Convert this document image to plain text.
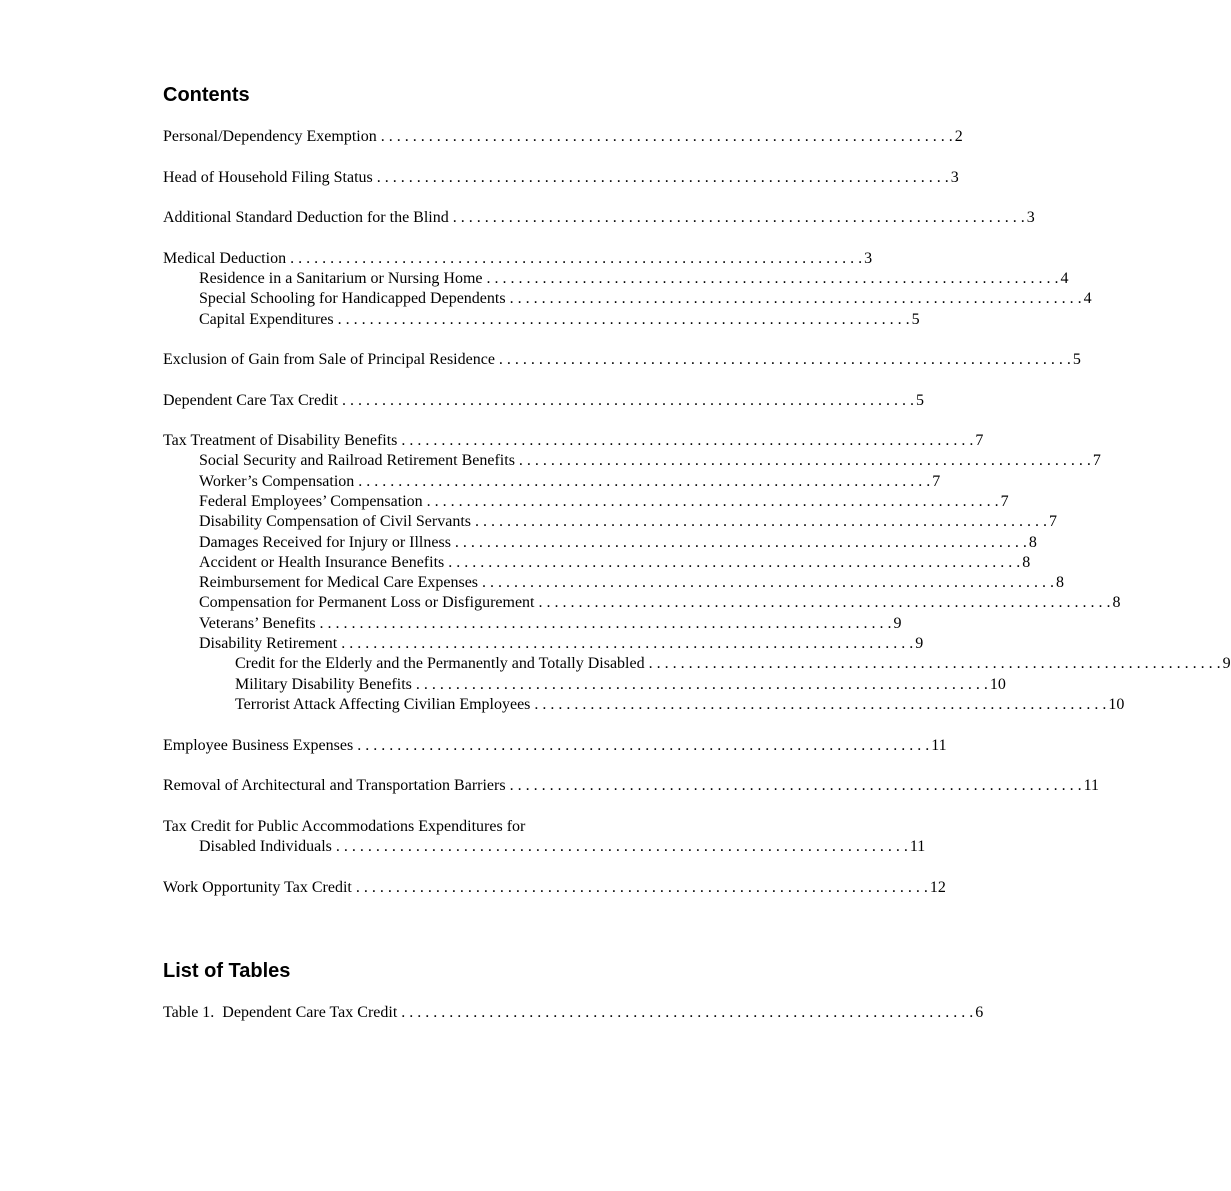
Contents
Personal/Dependency Exemption . . . . . . . . . . . . . . . . . . . . . . . . . . . . . . . . . . . . . . . . . . . . . . . . . . . . . . . . . . . . . . . . . . . . . . . . 2
Head of Household Filing Status . . . . . . . . . . . . . . . . . . . . . . . . . . . . . . . . . . . . . . . . . . . . . . . . . . . . . . . . . . . . . . . . . . . . . . . . 3
Additional Standard Deduction for the Blind . . . . . . . . . . . . . . . . . . . . . . . . . . . . . . . . . . . . . . . . . . . . . . . . . . . . . . . . . . . . . . . . . . . . . . . . 3
Medical Deduction . . . . . . . . . . . . . . . . . . . . . . . . . . . . . . . . . . . . . . . . . . . . . . . . . . . . . . . . . . . . . . . . . . . . . . . . 3
Residence in a Sanitarium or Nursing Home . . . . . . . . . . . . . . . . . . . . . . . . . . . . . . . . . . . . . . . . . . . . . . . . . . . . . . . . . . . . . . . . . . . . . . . . 4
Special Schooling for Handicapped Dependents . . . . . . . . . . . . . . . . . . . . . . . . . . . . . . . . . . . . . . . . . . . . . . . . . . . . . . . . . . . . . . . . . . . . . . . . 4
Capital Expenditures . . . . . . . . . . . . . . . . . . . . . . . . . . . . . . . . . . . . . . . . . . . . . . . . . . . . . . . . . . . . . . . . . . . . . . . . 5
Exclusion of Gain from Sale of Principal Residence . . . . . . . . . . . . . . . . . . . . . . . . . . . . . . . . . . . . . . . . . . . . . . . . . . . . . . . . . . . . . . . . . . . . . . . . 5
Dependent Care Tax Credit . . . . . . . . . . . . . . . . . . . . . . . . . . . . . . . . . . . . . . . . . . . . . . . . . . . . . . . . . . . . . . . . . . . . . . . . 5
Tax Treatment of Disability Benefits . . . . . . . . . . . . . . . . . . . . . . . . . . . . . . . . . . . . . . . . . . . . . . . . . . . . . . . . . . . . . . . . . . . . . . . . 7
Social Security and Railroad Retirement Benefits . . . . . . . . . . . . . . . . . . . . . . . . . . . . . . . . . . . . . . . . . . . . . . . . . . . . . . . . . . . . . . . . . . . . . . . . 7
Worker’s Compensation . . . . . . . . . . . . . . . . . . . . . . . . . . . . . . . . . . . . . . . . . . . . . . . . . . . . . . . . . . . . . . . . . . . . . . . . 7
Federal Employees’ Compensation . . . . . . . . . . . . . . . . . . . . . . . . . . . . . . . . . . . . . . . . . . . . . . . . . . . . . . . . . . . . . . . . . . . . . . . . 7
Disability Compensation of Civil Servants . . . . . . . . . . . . . . . . . . . . . . . . . . . . . . . . . . . . . . . . . . . . . . . . . . . . . . . . . . . . . . . . . . . . . . . . 7
Damages Received for Injury or Illness . . . . . . . . . . . . . . . . . . . . . . . . . . . . . . . . . . . . . . . . . . . . . . . . . . . . . . . . . . . . . . . . . . . . . . . . 8
Accident or Health Insurance Benefits . . . . . . . . . . . . . . . . . . . . . . . . . . . . . . . . . . . . . . . . . . . . . . . . . . . . . . . . . . . . . . . . . . . . . . . . 8
Reimbursement for Medical Care Expenses . . . . . . . . . . . . . . . . . . . . . . . . . . . . . . . . . . . . . . . . . . . . . . . . . . . . . . . . . . . . . . . . . . . . . . . . 8
Compensation for Permanent Loss or Disfigurement . . . . . . . . . . . . . . . . . . . . . . . . . . . . . . . . . . . . . . . . . . . . . . . . . . . . . . . . . . . . . . . . . . . . . . . . 8
Veterans’ Benefits . . . . . . . . . . . . . . . . . . . . . . . . . . . . . . . . . . . . . . . . . . . . . . . . . . . . . . . . . . . . . . . . . . . . . . . . 9
Disability Retirement . . . . . . . . . . . . . . . . . . . . . . . . . . . . . . . . . . . . . . . . . . . . . . . . . . . . . . . . . . . . . . . . . . . . . . . . 9
Credit for the Elderly and the Permanently and Totally Disabled . . . . . . . . . . . . . . . . . . . . . . . . . . . . . . . . . . . . . . . . . . . . . . . . . . . . . . . . . . . . . . . . . . . . . . . . 9
Military Disability Benefits . . . . . . . . . . . . . . . . . . . . . . . . . . . . . . . . . . . . . . . . . . . . . . . . . . . . . . . . . . . . . . . . . . . . . . . . 10
Terrorist Attack Affecting Civilian Employees . . . . . . . . . . . . . . . . . . . . . . . . . . . . . . . . . . . . . . . . . . . . . . . . . . . . . . . . . . . . . . . . . . . . . . . . 10
Employee Business Expenses . . . . . . . . . . . . . . . . . . . . . . . . . . . . . . . . . . . . . . . . . . . . . . . . . . . . . . . . . . . . . . . . . . . . . . . . 11
Removal of Architectural and Transportation Barriers . . . . . . . . . . . . . . . . . . . . . . . . . . . . . . . . . . . . . . . . . . . . . . . . . . . . . . . . . . . . . . . . . . . . . . . . 11
Tax Credit for Public Accommodations Expenditures for
Disabled Individuals . . . . . . . . . . . . . . . . . . . . . . . . . . . . . . . . . . . . . . . . . . . . . . . . . . . . . . . . . . . . . . . . . . . . . . . . 11
Work Opportunity Tax Credit . . . . . . . . . . . . . . . . . . . . . . . . . . . . . . . . . . . . . . . . . . . . . . . . . . . . . . . . . . . . . . . . . . . . . . . . 12
List of Tables
Table 1.  Dependent Care Tax Credit . . . . . . . . . . . . . . . . . . . . . . . . . . . . . . . . . . . . . . . . . . . . . . . . . . . . . . . . . . . . . . . . . . . . . . . . 6
